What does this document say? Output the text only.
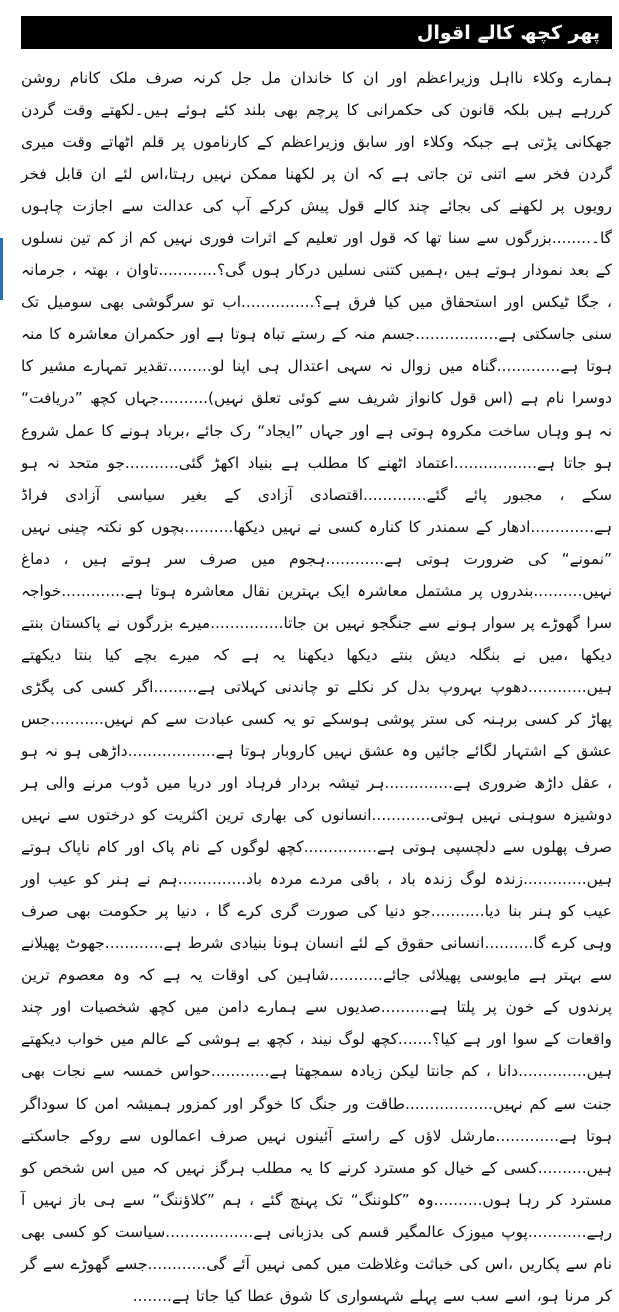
پھر کچھ کالے اقوال

ہمارے وکلاء نااہل وزیراعظم اور ان کا خاندان مل جل کرنہ صرف ملک کانام روشن کررہے ہیں بلکہ قانون کی حکمرانی کا پرچم بھی بلند کئے ہوئے ہیں۔لکھتے وقت گردن جھکانی پڑتی ہے جبکہ وکلاء اور سابق وزیراعظم کے کارناموں پر قلم اٹھاتے وقت میری گردن فخر سے اتنی تن جاتی ہے کہ ان پر لکھنا ممکن نہیں رہتا،اس لئے ان قابل فخر رویوں پر لکھنے کی بجائے چند کالے قول پیش کرکے آپ کی عدالت سے اجازت چاہوں گا۔........بزرگوں سے سنا تھا کہ قول اور تعلیم کے اثرات فوری نہیں کم از کم تین نسلوں کے بعد نمودار ہوتے ہیں ،ہمیں کتنی نسلیں درکار ہوں گی؟............تاوان ، بھتہ ، جرمانہ ، جگا ٹیکس اور استحقاق میں کیا فرق ہے؟...............اب تو سرگوشی بھی سومیل تک سنی جاسکتی ہے.................جسم منہ کے رستے تباہ ہوتا ہے اور حکمران معاشرہ کا منہ ہوتا ہے.............گناہ میں زوال نہ سہی اعتدال ہی اپنا لو.........تقدیر تمہارے مشیر کا دوسرا نام ہے (اس قول کانواز شریف سے کوئی تعلق نہیں)..........جہاں کچھ ”دریافت“ نہ ہو وہاں ساخت مکروہ ہوتی ہے اور جہاں ”ایجاد“ رک جائے ،برباد ہونے کا عمل شروع ہو جاتا ہے.................اعتماد اٹھنے کا مطلب ہے بنیاد اکھڑ گئی...........جو متحد نہ ہو سکے ، مجبور پائے گئے.............اقتصادی آزادی کے بغیر سیاسی آزادی فراڈ ہے.............ادھار کے سمندر کا کنارہ کسی نے نہیں دیکھا..........بچوں کو نکتہ چینی نہیں ”نمونے“ کی ضرورت ہوتی ہے............ہجوم میں صرف سر ہوتے ہیں ، دماغ نہیں..........بندروں پر مشتمل معاشرہ ایک بہترین نقال معاشرہ ہوتا ہے.............خواجہ سرا گھوڑے پر سوار ہونے سے جنگجو نہیں بن جاتا...............میرے بزرگوں نے پاکستان بنتے دیکھا ،میں نے بنگلہ دیش بنتے دیکھا دیکھنا یہ ہے کہ میرے بچے کیا بنتا دیکھتے ہیں............دھوپ بہروپ بدل کر نکلے تو چاندنی کہلاتی ہے.........اگر کسی کی پگڑی پھاڑ کر کسی برہنہ کی ستر پوشی ہوسکے تو یہ کسی عبادت سے کم نہیں...........جس عشق کے اشتہار لگائے جائیں وہ عشق نہیں کاروبار ہوتا ہے..................داڑھی ہو نہ ہو ، عقل داڑھ ضروری ہے..............ہر تیشہ بردار فرہاد اور دریا میں ڈوب مرنے والی ہر دوشیزہ سوہنی نہیں ہوتی............انسانوں کی بھاری ترین اکثریت کو درختوں سے نہیں صرف پھلوں سے دلچسپی ہوتی ہے...............کچھ لوگوں کے نام پاک اور کام ناپاک ہوتے ہیں.............زندہ لوگ زندہ باد ، باقی مردے مردہ باد..............ہم نے ہنر کو عیب اور عیب کو ہنر بنا دیا...........جو دنیا کی صورت گری کرے گا ، دنیا پر حکومت بھی صرف وہی کرے گا..........انسانی حقوق کے لئے انسان ہونا بنیادی شرط ہے............جھوٹ پھیلانے سے بہتر ہے مایوسی پھیلائی جائے...........شاہین کی اوقات یہ ہے کہ وہ معصوم ترین پرندوں کے خون پر پلتا ہے..........صدیوں سے ہمارے دامن میں کچھ شخصیات اور چند واقعات کے سوا اور ہے کیا؟.......کچھ لوگ نیند ، کچھ بے ہوشی کے عالم میں خواب دیکھتے ہیں..............دانا ، کم جانتا لیکن زیادہ سمجھتا ہے............حواس خمسہ سے نجات بھی جنت سے کم نہیں..................طاقت ور جنگ کا خوگر اور کمزور ہمیشہ امن کا سوداگر ہوتا ہے.............مارشل لاؤں کے راستے آئینوں نہیں صرف اعمالوں سے روکے جاسکتے ہیں..........کسی کے خیال کو مسترد کرنے کا یہ مطلب ہرگز نہیں کہ میں اس شخص کو مسترد کر رہا ہوں..........وہ ”کلوننگ“ تک پہنچ گئے ، ہم ”کلاؤننگ“ سے ہی باز نہیں آ رہے............پوپ میوزک عالمگیر قسم کی بدزبانی ہے..................سیاست کو کسی بھی نام سے پکاریں ،اس کی خباثت وغلاظت میں کمی نہیں آئے گی............جسے گھوڑے سے گر کر مرنا ہو، اسے سب سے پہلے شہسواری کا شوق عطا کیا جاتا ہے........
